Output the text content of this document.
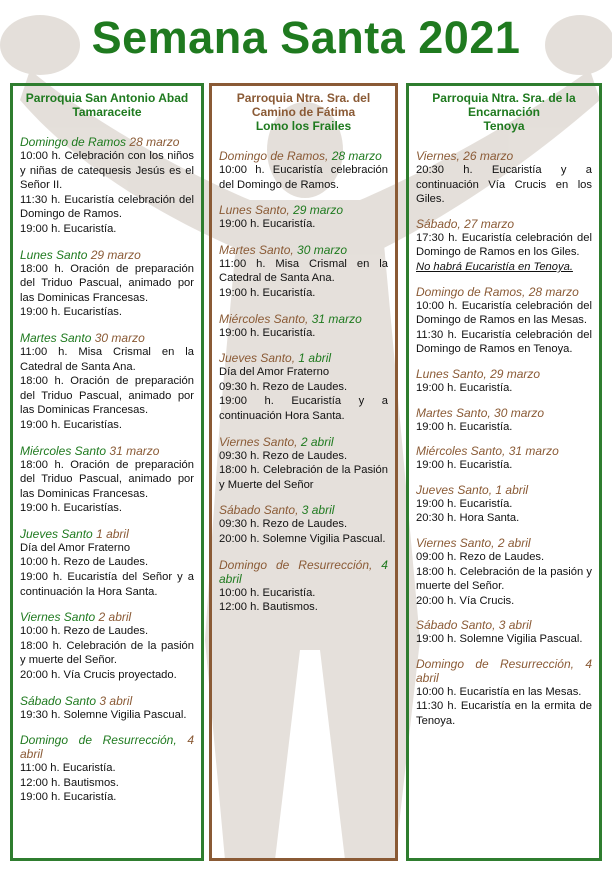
Semana Santa 2021
Parroquia San Antonio Abad
Tamaraceite
Domingo de Ramos 28 marzo
10:00 h. Celebración con los niños y niñas de catequesis Jesús es el Señor II.
11:30 h. Eucaristía celebración del Domingo de Ramos.
19:00 h. Eucaristía.
Lunes Santo 29 marzo
18:00 h. Oración de preparación del Triduo Pascual, animado por las Dominicas Francesas.
19:00 h. Eucaristías.
Martes Santo 30 marzo
11:00 h. Misa Crismal en la Catedral de Santa Ana.
18:00 h. Oración de preparación del Triduo Pascual, animado por las Dominicas Francesas.
19:00 h. Eucaristías.
Miércoles Santo 31 marzo
18:00 h. Oración de preparación del Triduo Pascual, animado por las Dominicas Francesas.
19:00 h. Eucaristías.
Jueves Santo 1 abril
Día del Amor Fraterno
10:00 h. Rezo de Laudes.
19:00 h. Eucaristía del Señor y a continuación la Hora Santa.
Viernes Santo 2 abril
10:00 h. Rezo de Laudes.
18:00 h. Celebración de la pasión y muerte del Señor.
20:00 h. Vía Crucis proyectado.
Sábado Santo 3 abril
19:30 h. Solemne Vigilia Pascual.
Domingo de Resurrección, 4 abril
11:00 h. Eucaristía.
12:00 h. Bautismos.
19:00 h. Eucaristía.
Parroquia Ntra. Sra. del
Camino de Fátima
Lomo los Frailes
Domingo de Ramos, 28 marzo
10:00 h. Eucaristía celebración del Domingo de Ramos.
Lunes Santo, 29 marzo
19:00 h. Eucaristía.
Martes Santo, 30 marzo
11:00 h. Misa Crismal en la Catedral de Santa Ana.
19:00 h. Eucaristía.
Miércoles Santo, 31 marzo
19:00 h. Eucaristía.
Jueves Santo, 1 abril
Día del Amor Fraterno
09:30 h. Rezo de Laudes.
19:00 h. Eucaristía y a continuación Hora Santa.
Viernes Santo, 2 abril
09:30 h. Rezo de Laudes.
18:00 h. Celebración de la Pasión y Muerte del Señor
Sábado Santo, 3 abril
09:30 h. Rezo de Laudes.
20:00 h. Solemne Vigilia Pascual.
Domingo de Resurrección, 4 abril
10:00 h. Eucaristía.
12:00 h. Bautismos.
Parroquia Ntra. Sra. de la
Encarnación
Tenoya
Viernes, 26 marzo
20:30 h. Eucaristía y a continuación Vía Crucis en los Giles.
Sábado, 27 marzo
17:30 h. Eucaristía celebración del Domingo de Ramos en los Giles.
No habrá Eucaristía en Tenoya.
Domingo de Ramos, 28 marzo
10:00 h. Eucaristía celebración del Domingo de Ramos en las Mesas.
11:30 h. Eucaristía celebración del Domingo de Ramos en Tenoya.
Lunes Santo, 29 marzo
19:00 h. Eucaristía.
Martes Santo, 30 marzo
19:00 h. Eucaristía.
Miércoles Santo, 31 marzo
19:00 h. Eucaristía.
Jueves Santo, 1 abril
19:00 h. Eucaristía.
20:30 h. Hora Santa.
Viernes Santo, 2 abril
09:00 h. Rezo de Laudes.
18:00 h. Celebración de la pasión y muerte del Señor.
20:00 h. Vía Crucis.
Sábado Santo, 3 abril
19:00 h. Solemne Vigilia Pascual.
Domingo de Resurrección, 4 abril
10:00 h. Eucaristía en las Mesas.
11:30 h. Eucaristía en la ermita de Tenoya.
